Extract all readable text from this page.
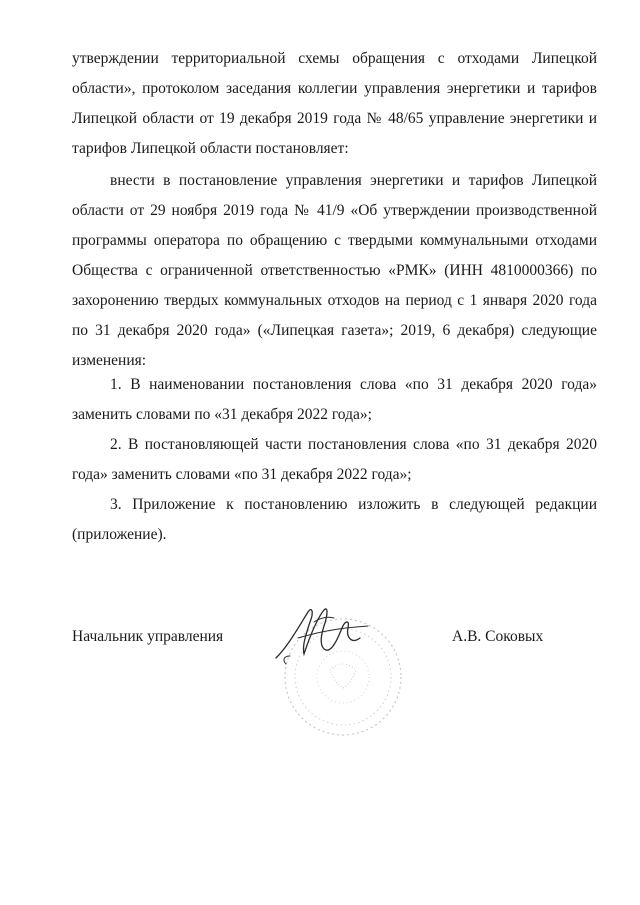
утверждении территориальной схемы обращения с отходами Липецкой области», протоколом заседания коллегии управления энергетики и тарифов Липецкой области от 19 декабря 2019 года № 48/65 управление энергетики и тарифов Липецкой области постановляет:

внести в постановление управления энергетики и тарифов Липецкой области от 29 ноября 2019 года № 41/9 «Об утверждении производственной программы оператора по обращению с твердыми коммунальными отходами Общества с ограниченной ответственностью «РМК» (ИНН 4810000366) по захоронению твердых коммунальных отходов на период с 1 января 2020 года по 31 декабря 2020 года» («Липецкая газета»; 2019, 6 декабря) следующие изменения:

1. В наименовании постановления слова «по 31 декабря 2020 года» заменить словами по «31 декабря 2022 года»;

2. В постановляющей части постановления слова «по 31 декабря 2020 года» заменить словами «по 31 декабря 2022 года»;

3. Приложение к постановлению изложить в следующей редакции (приложение).

Начальник управления	А.В. Соковых
